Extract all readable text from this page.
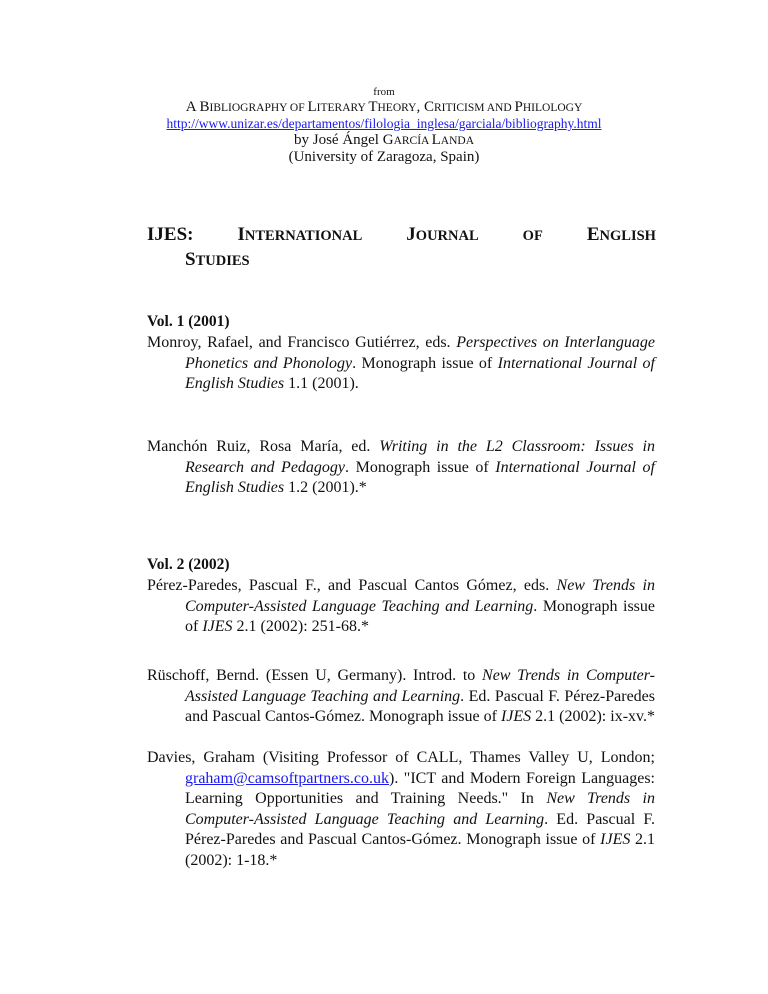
from
A BIBLIOGRAPHY OF LITERARY THEORY, CRITICISM AND PHILOLOGY
http://www.unizar.es/departamentos/filologia_inglesa/garciala/bibliography.html
by José Ángel GARCÍA LANDA
(University of Zaragoza, Spain)
IJES: INTERNATIONAL JOURNAL	OF ENGLISH
STUDIES
Vol. 1 (2001)
Monroy, Rafael, and Francisco Gutiérrez, eds. Perspectives on Interlanguage Phonetics and Phonology. Monograph issue of International Journal of English Studies 1.1 (2001).
Manchón Ruiz, Rosa María, ed. Writing in the L2 Classroom: Issues in Research and Pedagogy. Monograph issue of International Journal of English Studies 1.2 (2001).*
Vol. 2 (2002)
Pérez-Paredes, Pascual F., and Pascual Cantos Gómez, eds. New Trends in Computer-Assisted Language Teaching and Learning. Monograph issue of IJES 2.1 (2002): 251-68.*
Rüschoff, Bernd. (Essen U, Germany). Introd. to New Trends in Computer-Assisted Language Teaching and Learning. Ed. Pascual F. Pérez-Paredes and Pascual Cantos-Gómez. Monograph issue of IJES 2.1 (2002): ix-xv.*
Davies, Graham (Visiting Professor of CALL, Thames Valley U, London; graham@camsoftpartners.co.uk). "ICT and Modern Foreign Languages: Learning Opportunities and Training Needs." In New Trends in Computer-Assisted Language Teaching and Learning. Ed. Pascual F. Pérez-Paredes and Pascual Cantos-Gómez. Monograph issue of IJES 2.1 (2002): 1-18.*
